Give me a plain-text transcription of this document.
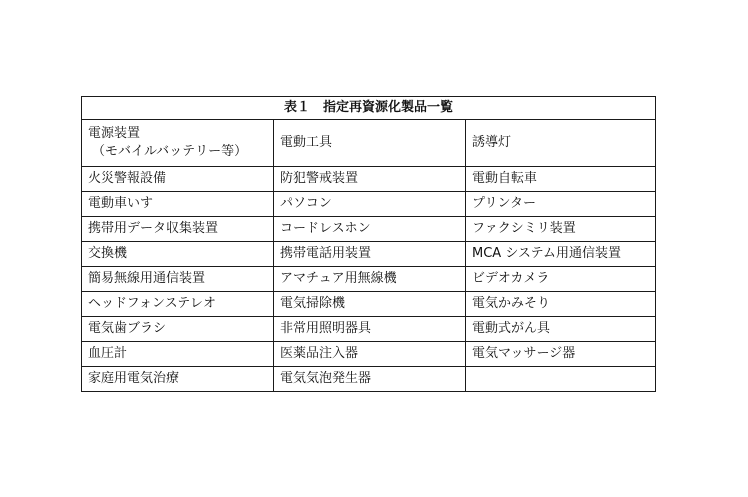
表１　指定再資源化製品一覧		

電源装置
（モバイルバッテリー等）	電動工具	誘導灯
火災警報設備	防犯警戒装置	電動自転車
電動車いす	パソコン	プリンター
携帯用データ収集装置	コードレスホン	ファクシミリ装置
交換機	携帯電話用装置	MCA システム用通信装置
簡易無線用通信装置	アマチュア用無線機	ビデオカメラ
ヘッドフォンステレオ	電気掃除機	電気かみそり
電気歯ブラシ	非常用照明器具	電動式がん具
血圧計	医薬品注入器	電気マッサージ器
家庭用電気治療	電気気泡発生器	
